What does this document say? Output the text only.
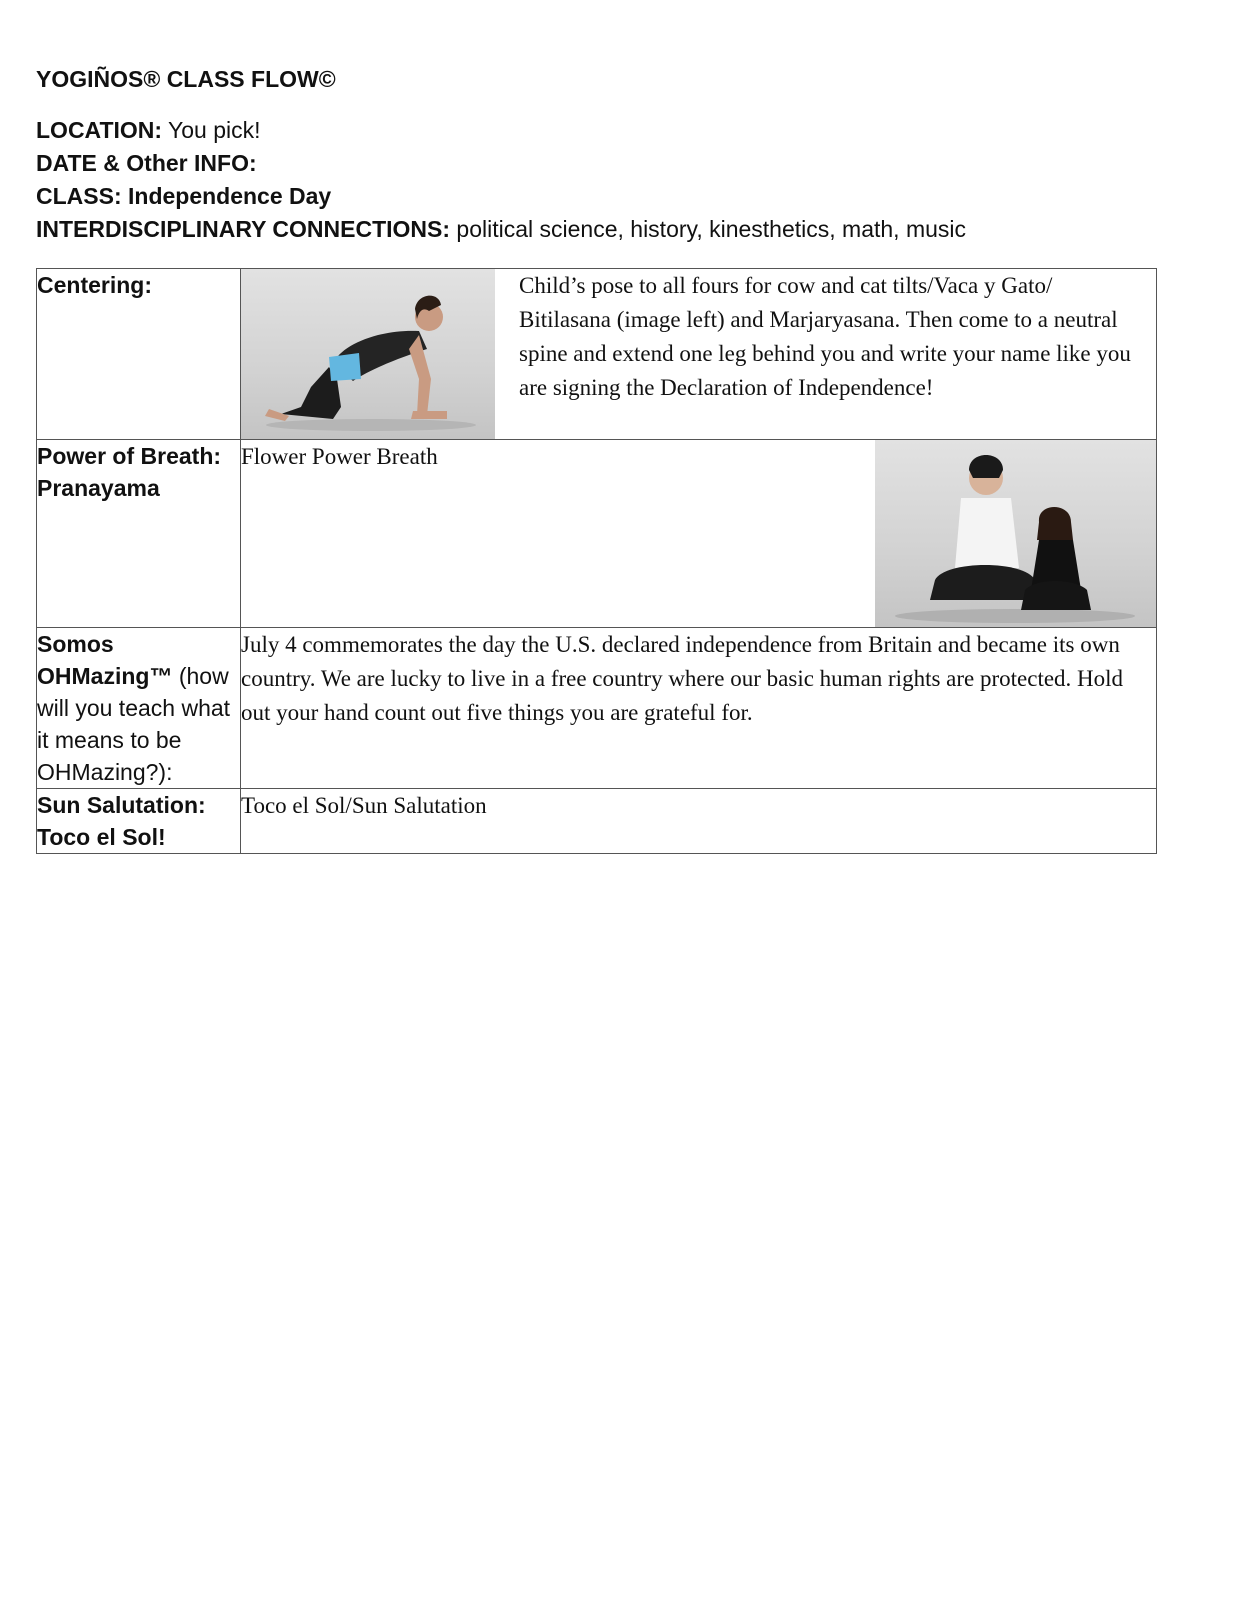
YOGIÑOS® CLASS FLOW©
LOCATION: You pick!
DATE & Other INFO:
CLASS: Independence Day
INTERDISCIPLINARY CONNECTIONS: political science, history, kinesthetics, math, music
Centering:	Child’s pose to all fours for cow and cat tilts/Vaca y Gato/ Bitilasana (image left) and Marjaryasana. Then come to a neutral spine and extend one leg behind you and write your name like you are signing the Declaration of Independence!

Power of Breath: Pranayama	Flower Power Breath

Somos OHMazing™ (how will you teach what it means to be OHMazing?):	July 4 commemorates the day the U.S. declared independence from Britain and became its own country. We are lucky to live in a free country where our basic human rights are protected. Hold out your hand count out five things you are grateful for.

Sun Salutation: Toco el Sol!	Toco el Sol/Sun Salutation
